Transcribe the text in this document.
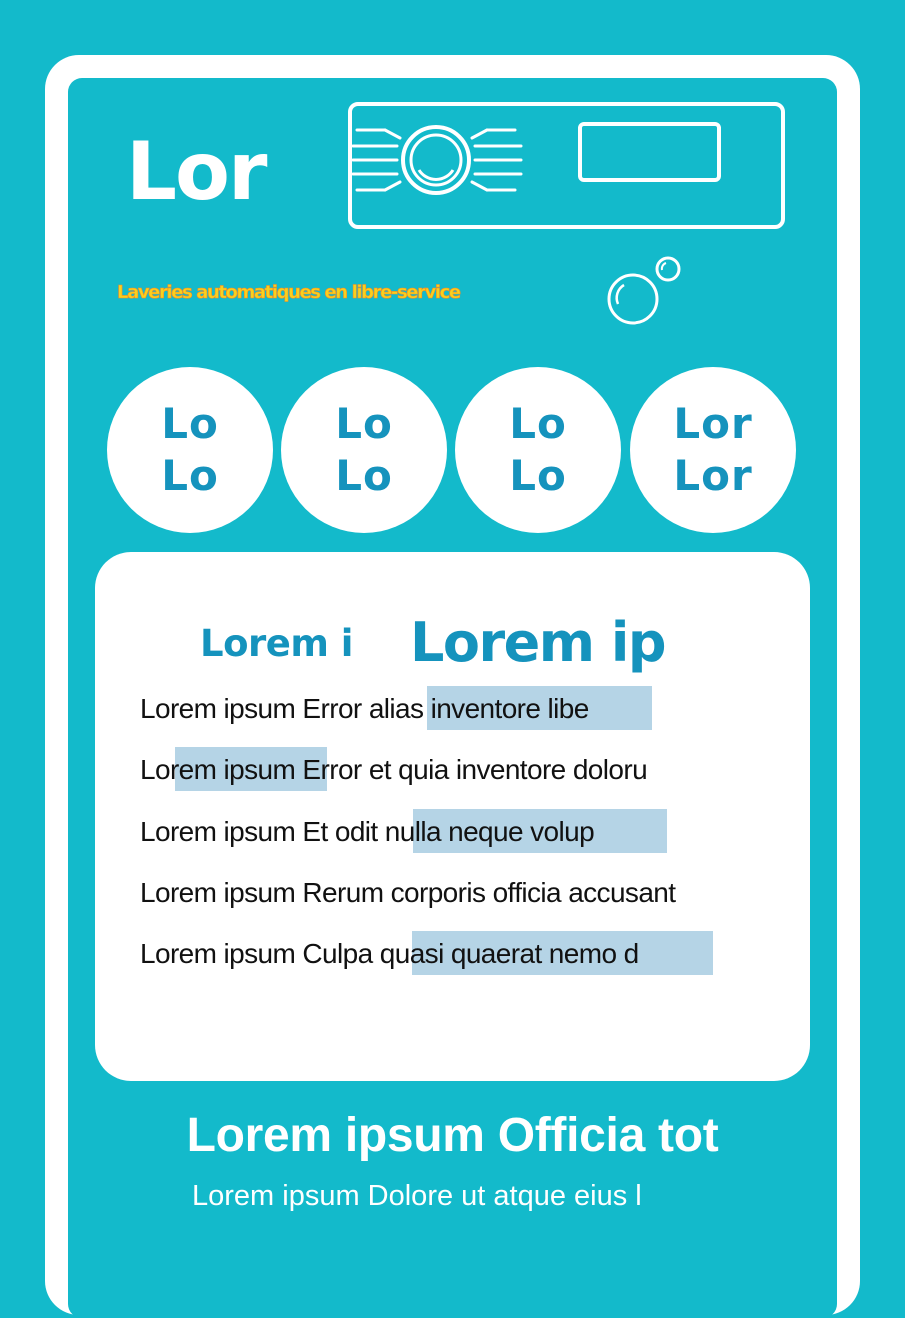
Lor
Laveries automatiques en libre-service
Lo
Lo
Lo
Lo
Lo
Lo
Lor
Lor
Lorem i Lorem ip
Lorem ipsum Error alias inventore libe
Lorem ipsum Error et quia inventore doloru
Lorem ipsum Et odit nulla neque volup
Lorem ipsum Rerum corporis officia accusant
Lorem ipsum Culpa quasi quaerat nemo d
Lorem ipsum Officia tot
Lorem ipsum Dolore ut atque eius l
